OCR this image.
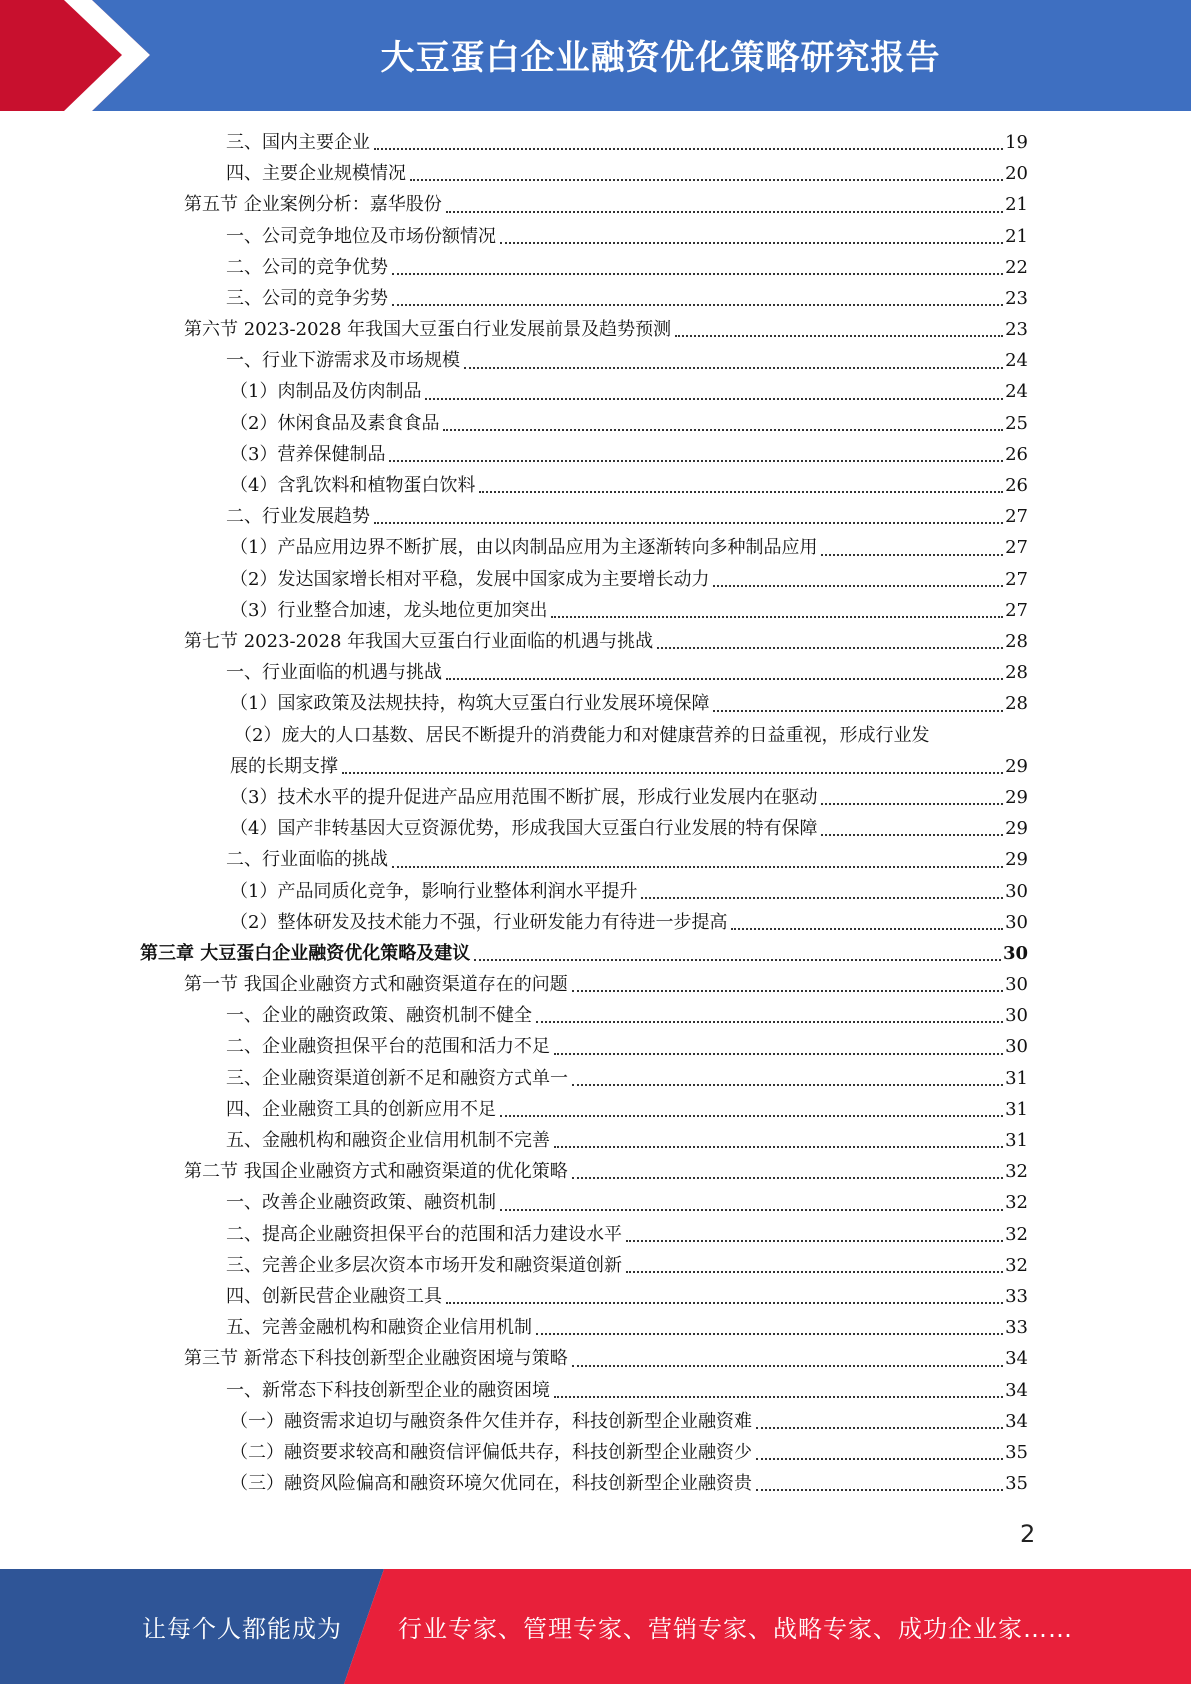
大豆蛋白企业融资优化策略研究报告
三、国内主要企业	19
四、主要企业规模情况	20
第五节 企业案例分析：嘉华股份	21
一、公司竞争地位及市场份额情况	21
二、公司的竞争优势	22
三、公司的竞争劣势	23
第六节 2023-2028 年我国大豆蛋白行业发展前景及趋势预测	23
一、行业下游需求及市场规模	24
（1）肉制品及仿肉制品	24
（2）休闲食品及素食食品	25
（3）营养保健制品	26
（4）含乳饮料和植物蛋白饮料	26
二、行业发展趋势	27
（1）产品应用边界不断扩展，由以肉制品应用为主逐渐转向多种制品应用	27
（2）发达国家增长相对平稳，发展中国家成为主要增长动力	27
（3）行业整合加速，龙头地位更加突出	27
第七节 2023-2028 年我国大豆蛋白行业面临的机遇与挑战	28
一、行业面临的机遇与挑战	28
（1）国家政策及法规扶持，构筑大豆蛋白行业发展环境保障	28
（2）庞大的人口基数、居民不断提升的消费能力和对健康营养的日益重视，形成行业发
展的长期支撑	29
（3）技术水平的提升促进产品应用范围不断扩展，形成行业发展内在驱动	29
（4）国产非转基因大豆资源优势，形成我国大豆蛋白行业发展的特有保障	29
二、行业面临的挑战	29
（1）产品同质化竞争，影响行业整体利润水平提升	30
（2）整体研发及技术能力不强，行业研发能力有待进一步提高	30
第三章 大豆蛋白企业融资优化策略及建议	30
第一节 我国企业融资方式和融资渠道存在的问题	30
一、企业的融资政策、融资机制不健全	30
二、企业融资担保平台的范围和活力不足	30
三、企业融资渠道创新不足和融资方式单一	31
四、企业融资工具的创新应用不足	31
五、金融机构和融资企业信用机制不完善	31
第二节 我国企业融资方式和融资渠道的优化策略	32
一、改善企业融资政策、融资机制	32
二、提高企业融资担保平台的范围和活力建设水平	32
三、完善企业多层次资本市场开发和融资渠道创新	32
四、创新民营企业融资工具	33
五、完善金融机构和融资企业信用机制	33
第三节 新常态下科技创新型企业融资困境与策略	34
一、新常态下科技创新型企业的融资困境	34
（一）融资需求迫切与融资条件欠佳并存，科技创新型企业融资难	34
（二）融资要求较高和融资信评偏低共存，科技创新型企业融资少	35
（三）融资风险偏高和融资环境欠优同在，科技创新型企业融资贵	35
2
让每个人都能成为 行业专家、管理专家、营销专家、战略专家、成功企业家……
